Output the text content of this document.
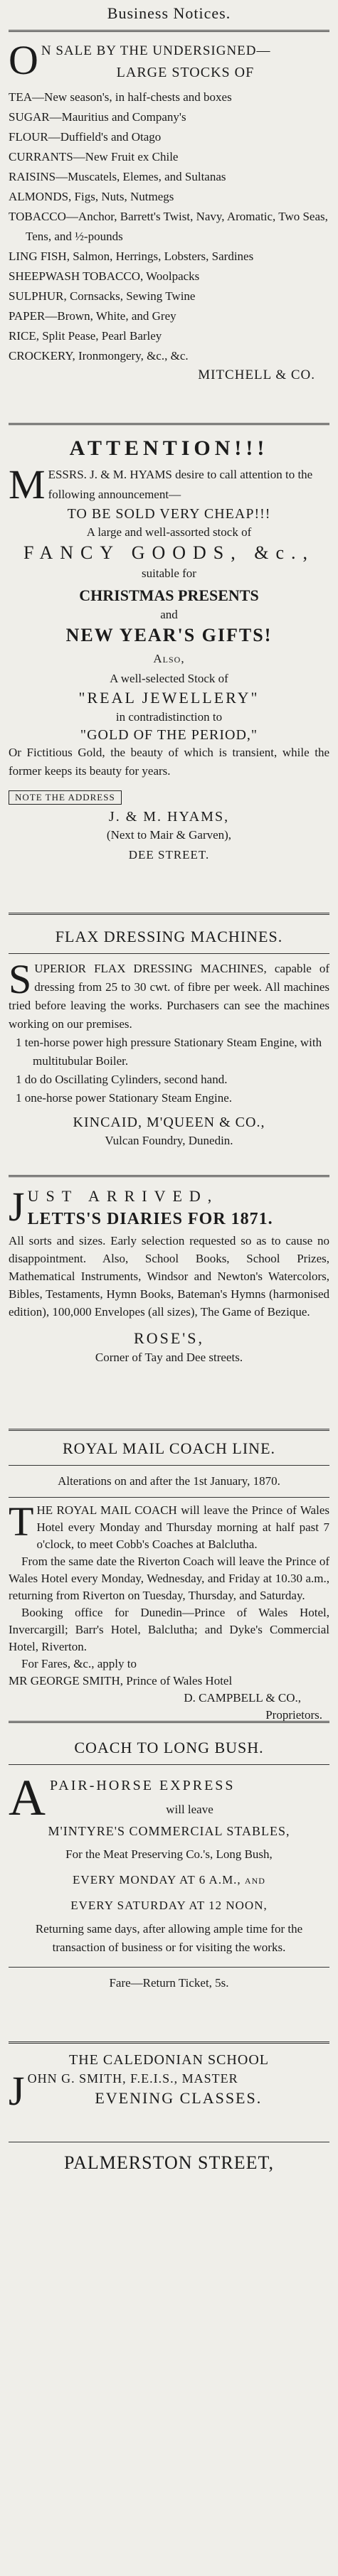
Business Notices.
O N SALE BY THE UNDERSIGNED—
LARGE STOCKS OF

TEA—New season's, in half-chests and boxes

SUGAR—Mauritius and Company's

FLOUR—Duffield's and Otago

CURRANTS—New Fruit ex Chile

RAISINS—Muscatels, Elemes, and Sultanas

ALMONDS, Figs, Nuts, Nutmegs

TOBACCO—Anchor, Barrett's Twist, Navy, Aromatic, Two Seas, Tens, and ½-pounds

LING FISH, Salmon, Herrings, Lobsters, Sardines

SHEEPWASH TOBACCO, Woolpacks

SULPHUR, Cornsacks, Sewing Twine

PAPER—Brown, White, and Grey

RICE, Split Pease, Pearl Barley

CROCKERY, Ironmongery, &c., &c.

MITCHELL & CO.
ATTENTION!!!
M ESSRS. J. & M. HYAMS desire to call attention to the following announcement—
TO BE SOLD VERY CHEAP!!!
A large and well-assorted stock of
FANCY GOODS, &c.,
suitable for
CHRISTMAS PRESENTS
and
NEW YEAR'S GIFTS!
Also,
A well-selected Stock of
"REAL JEWELLERY"
in contradistinction to
"GOLD OF THE PERIOD,"
Or Fictitious Gold, the beauty of which is transient, while the former keeps its beauty for years.
NOTE THE ADDRESS
J. & M. HYAMS,
(Next to Mair & Garven),
DEE STREET.
FLAX DRESSING MACHINES.
S UPERIOR FLAX DRESSING MACHINES, capable of dressing from 25 to 30 cwt. of fibre per week. All machines tried before leaving the works. Purchasers can see the machines working on our premises.

1 ten-horse power high pressure Stationary Steam Engine, with multitubular Boiler.

1 do do Oscillating Cylinders, second hand.

1 one-horse power Stationary Steam Engine.

KINCAID, M'QUEEN & CO.,
Vulcan Foundry, Dunedin.
J UST ARRIVED,
LETTS'S DIARIES FOR 1871.
All sorts and sizes. Early selection requested so as to cause no disappointment. Also, School Books, School Prizes, Mathematical Instruments, Windsor and Newton's Watercolors, Bibles, Testaments, Hymn Books, Bateman's Hymns (harmonised edition), 100,000 Envelopes (all sizes), The Game of Bezique.
ROSE'S,
Corner of Tay and Dee streets.
ROYAL MAIL COACH LINE.
Alterations on and after the 1st January, 1870.
T HE ROYAL MAIL COACH will leave the Prince of Wales Hotel every Monday and Thursday morning at half past 7 o'clock, to meet Cobb's Coaches at Balclutha.
From the same date the Riverton Coach will leave the Prince of Wales Hotel every Monday, Wednesday, and Friday at 10.30 a.m., returning from Riverton on Tuesday, Thursday, and Saturday.
Booking office for Dunedin—Prince of Wales Hotel, Invercargill; Barr's Hotel, Balclutha; and Dyke's Commercial Hotel, Riverton.
For Fares, &c., apply to
MR GEORGE SMITH, Prince of Wales Hotel
D. CAMPBELL & CO.,
Proprietors.
COACH TO LONG BUSH.
A PAIR-HORSE EXPRESS
will leave
M'INTYRE'S COMMERCIAL STABLES,
For the Meat Preserving Co.'s, Long Bush,
EVERY MONDAY AT 6 A.M., and
EVERY SATURDAY AT 12 NOON,
Returning same days, after allowing ample time for the transaction of business or for visiting the works.
Fare—Return Ticket, 5s.
THE CALEDONIAN SCHOOL
J OHN G. SMITH, F.E.I.S., MASTER
EVENING CLASSES.
PALMERSTON STREET,
